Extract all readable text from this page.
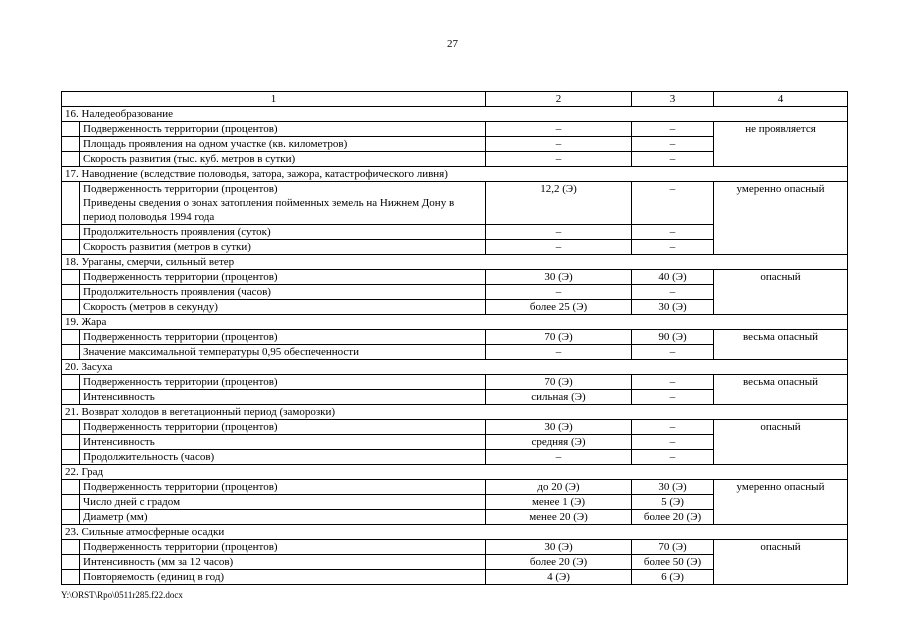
27
1		2	3	4
16. Наледеобразование				

	Подверженность территории (процентов)	–	–	не проявляется

	Площадь проявления на одном участке (кв. километров)	–	–	

	Скорость развития (тыс. куб. метров в сутки)	–	–	
17. Наводнение (вследствие половодья, затора, зажора, катастрофического ливня)				

	Подверженность территории (процентов)
Приведены сведения о зонах затопления пойменных земель на Нижнем Дону в период половодья 1994 года	12,2 (Э)	–	умеренно опасный

	Продолжительность проявления (суток)	–	–	

	Скорость развития (метров в сутки)	–	–	
18. Ураганы, смерчи, сильный ветер				

	Подверженность территории (процентов)	30 (Э)	40 (Э)	опасный

	Продолжительность проявления (часов)	–	–	

	Скорость (метров в секунду)	более 25 (Э)	30 (Э)	
19. Жара				

	Подверженность территории (процентов)	70 (Э)	90 (Э)	весьма опасный

	Значение максимальной температуры 0,95 обеспеченности	–	–	
20. Засуха				

	Подверженность территории (процентов)	70 (Э)	–	весьма опасный

	Интенсивность	сильная (Э)	–	
21. Возврат холодов в вегетационный период (заморозки)				

	Подверженность территории (процентов)	30 (Э)	–	опасный

	Интенсивность	средняя (Э)	–	

	Продолжительность (часов)	–	–	
22. Град				

	Подверженность территории (процентов)	до 20 (Э)	30 (Э)	умеренно опасный

	Число дней с градом	менее 1 (Э)	5 (Э)	

	Диаметр (мм)	менее 20 (Э)	более 20 (Э)	
23. Сильные атмосферные осадки				

	Подверженность территории (процентов)	30 (Э)	70 (Э)	опасный

	Интенсивность (мм за 12 часов)	более 20 (Э)	более 50 (Э)	

	Повторяемость (единиц в год)	4 (Э)	6 (Э)	
Y:\ORST\Rpo\0511r285.f22.docx
